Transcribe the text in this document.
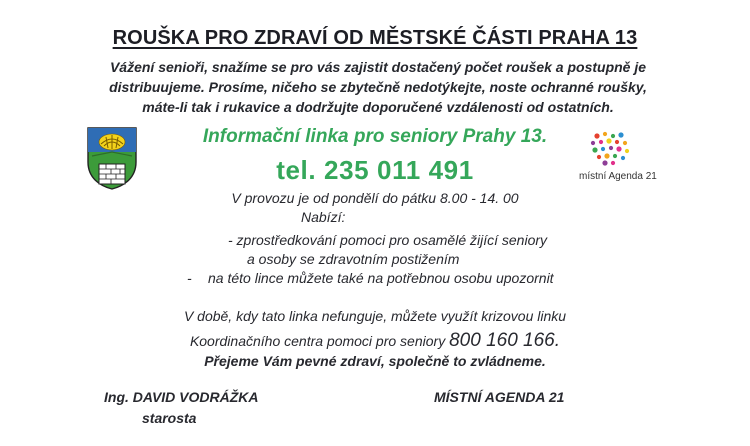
ROUŠKA PRO ZDRAVÍ OD MĚSTSKÉ ČÁSTI PRAHA 13
Vážení senioři, snažíme se pro vás zajistit dostačený počet roušek a postupně je
distribuujeme. Prosíme, ničeho se zbytečně nedotýkejte, noste ochranné roušky,
máte-li tak i rukavice a dodržujte doporučené vzdálenosti od ostatních.
Informační linka pro seniory Prahy 13.
tel. 235 011 491	místní Agenda 21
V provozu je od pondělí do pátku 8.00 - 14. 00
Nabízí:
- zprostředkování pomoci pro osamělé žijící seniory
a osoby se zdravotním postižením
- na této lince můžete také na potřebnou osobu upozornit
V době, kdy tato linka nefunguje, můžete využít krizovou linku
Koordinačního centra pomoci pro seniory 800 160 166.
Přejeme Vám pevné zdraví, společně to zvládneme.
Ing. DAVID VODRÁŽKA
starosta
MÍSTNÍ AGENDA 21
